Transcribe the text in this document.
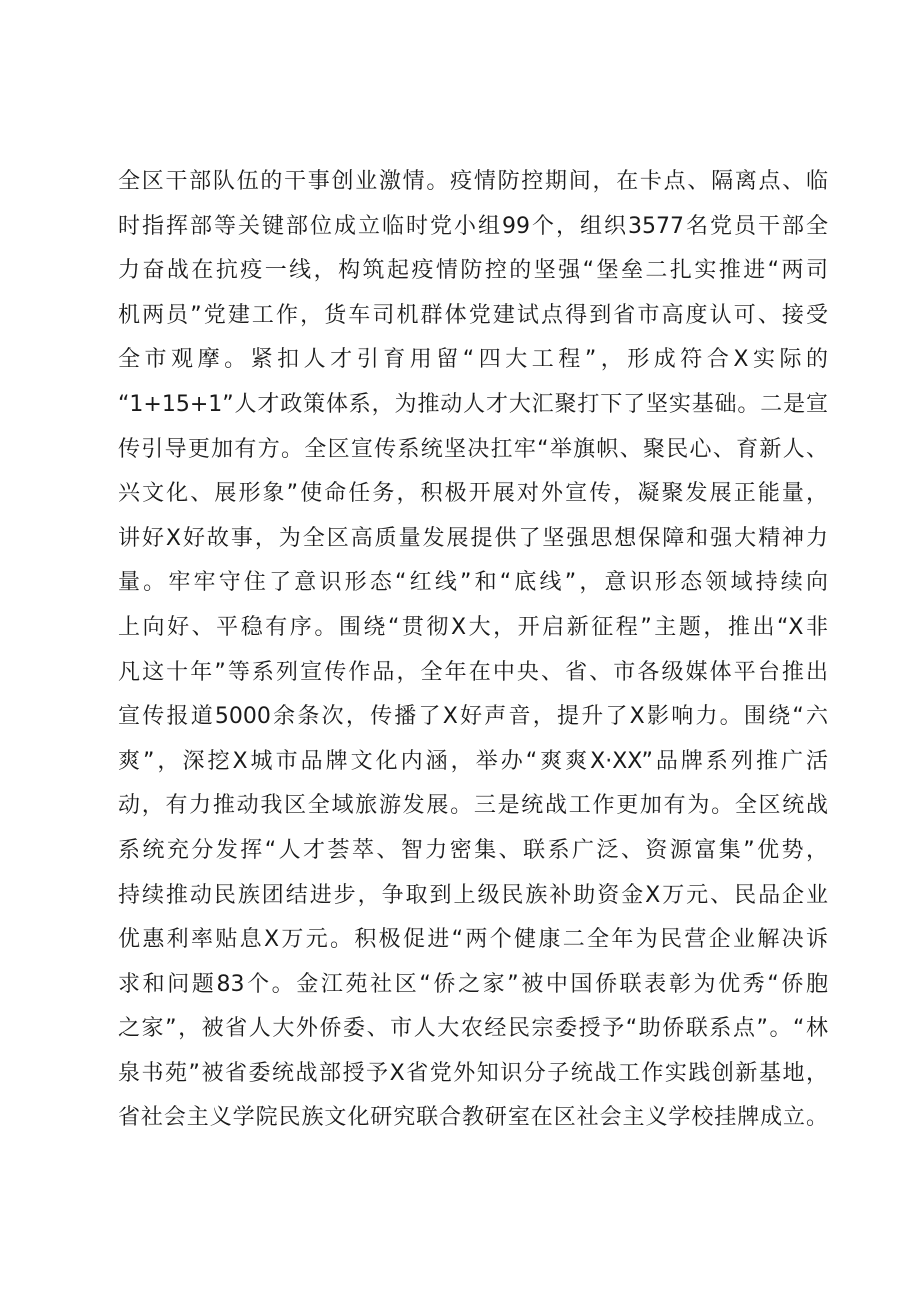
全区干部队伍的干事创业激情。疫情防控期间，在卡点、隔离点、临
时指挥部等关键部位成立临时党小组99个，组织3577名党员干部全
力奋战在抗疫一线，构筑起疫情防控的坚强“堡垒二扎实推进“两司
机两员”党建工作，货车司机群体党建试点得到省市高度认可、接受
全市观摩。紧扣人才引育用留“四大工程”，形成符合X实际的
“1+15+1”人才政策体系，为推动人才大汇聚打下了坚实基础。二是宣
传引导更加有方。全区宣传系统坚决扛牢“举旗帜、聚民心、育新人、
兴文化、展形象”使命任务，积极开展对外宣传，凝聚发展正能量，
讲好X好故事，为全区高质量发展提供了坚强思想保障和强大精神力
量。牢牢守住了意识形态“红线”和“底线”，意识形态领域持续向
上向好、平稳有序。围绕“贯彻X大，开启新征程”主题，推出“X非
凡这十年”等系列宣传作品，全年在中央、省、市各级媒体平台推出
宣传报道5000余条次，传播了X好声音，提升了X影响力。围绕“六
爽”，深挖X城市品牌文化内涵，举办“爽爽X·XX”品牌系列推广活
动，有力推动我区全域旅游发展。三是统战工作更加有为。全区统战
系统充分发挥“人才荟萃、智力密集、联系广泛、资源富集”优势，
持续推动民族团结进步，争取到上级民族补助资金X万元、民品企业
优惠利率贴息X万元。积极促进“两个健康二全年为民营企业解决诉
求和问题83个。金江苑社区“侨之家”被中国侨联表彰为优秀“侨胞
之家”，被省人大外侨委、市人大农经民宗委授予“助侨联系点”。“林
泉书苑”被省委统战部授予X省党外知识分子统战工作实践创新基地，
省社会主义学院民族文化研究联合教研室在区社会主义学校挂牌成立。
